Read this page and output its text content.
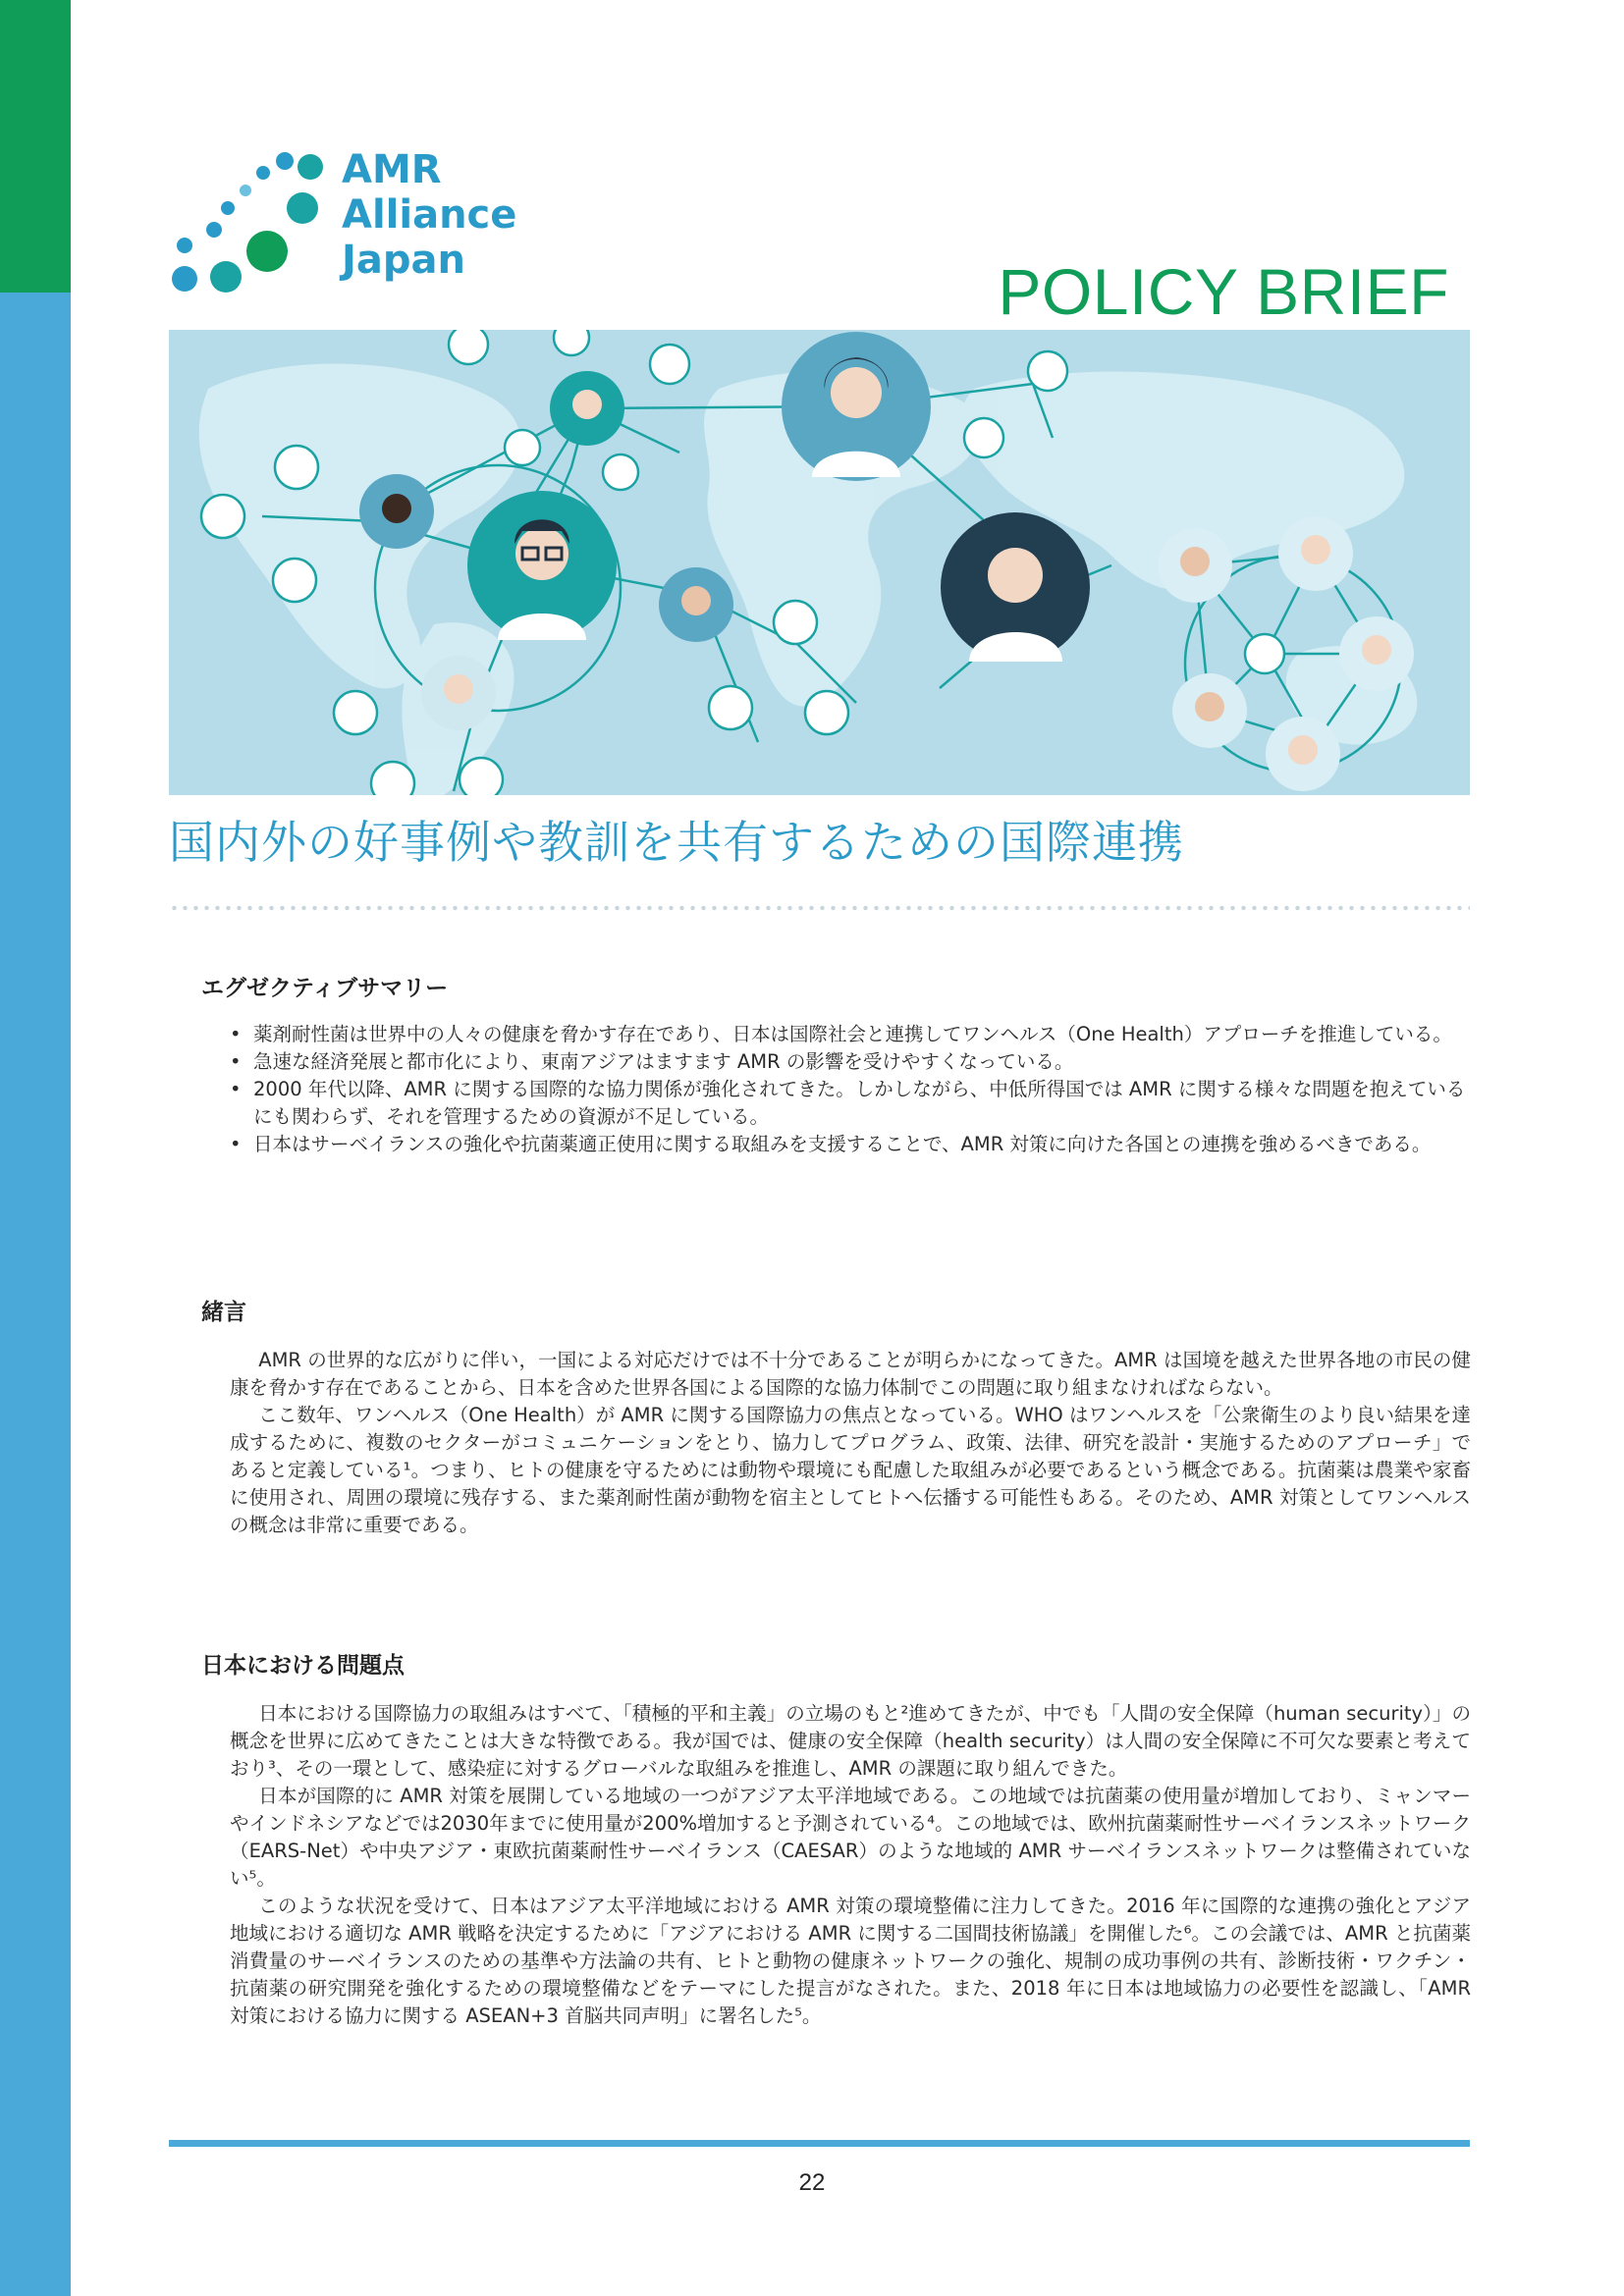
AMR
Alliance
Japan	POLICY BRIEF
国内外の好事例や教訓を共有するための国際連携
エグゼクティブサマリー
• 薬剤耐性菌は世界中の人々の健康を脅かす存在であり、日本は国際社会と連携してワンヘルス（One Health）アプローチを推進している。
• 急速な経済発展と都市化により、東南アジアはますます AMR の影響を受けやすくなっている。
• 2000 年代以降、AMR に関する国際的な協力関係が強化されてきた。しかしながら、中低所得国では AMR に関する様々な問題を抱えているにも関わらず、それを管理するための資源が不足している。
• 日本はサーベイランスの強化や抗菌薬適正使用に関する取組みを支援することで、AMR 対策に向けた各国との連携を強めるべきである。
緒言

AMR の世界的な広がりに伴い，一国による対応だけでは不十分であることが明らかになってきた。AMR は国境を越えた世界各地の市民の健康を脅かす存在であることから、日本を含めた世界各国による国際的な協力体制でこの問題に取り組まなければならない。

ここ数年、ワンヘルス（One Health）が AMR に関する国際協力の焦点となっている。WHO はワンヘルスを「公衆衛生のより良い結果を達成するために、複数のセクターがコミュニケーションをとり、協力してプログラム、政策、法律、研究を設計・実施するためのアプローチ」であると定義している¹。つまり、ヒトの健康を守るためには動物や環境にも配慮した取組みが必要であるという概念である。抗菌薬は農業や家畜に使用され、周囲の環境に残存する、また薬剤耐性菌が動物を宿主としてヒトへ伝播する可能性もある。そのため、AMR 対策としてワンヘルスの概念は非常に重要である。

日本における問題点

日本における国際協力の取組みはすべて、「積極的平和主義」の立場のもと²進めてきたが、中でも「人間の安全保障（human security）」の概念を世界に広めてきたことは大きな特徴である。我が国では、健康の安全保障（health security）は人間の安全保障に不可欠な要素と考えており³、その一環として、感染症に対するグローバルな取組みを推進し、AMR の課題に取り組んできた。

日本が国際的に AMR 対策を展開している地域の一つがアジア太平洋地域である。この地域では抗菌薬の使用量が増加しており、ミャンマーやインドネシアなどでは2030年までに使用量が200%増加すると予測されている⁴。この地域では、欧州抗菌薬耐性サーベイランスネットワーク（EARS-Net）や中央アジア・東欧抗菌薬耐性サーベイランス（CAESAR）のような地域的 AMR サーベイランスネットワークは整備されていない⁵。

このような状況を受けて、日本はアジア太平洋地域における AMR 対策の環境整備に注力してきた。2016 年に国際的な連携の強化とアジア地域における適切な AMR 戦略を決定するために「アジアにおける AMR に関する二国間技術協議」を開催した⁶。この会議では、AMR と抗菌薬消費量のサーベイランスのための基準や方法論の共有、ヒトと動物の健康ネットワークの強化、規制の成功事例の共有、診断技術・ワクチン・抗菌薬の研究開発を強化するための環境整備などをテーマにした提言がなされた。また、2018 年に日本は地域協力の必要性を認識し、「AMR 対策における協力に関する ASEAN+3 首脳共同声明」に署名した⁵。

22
